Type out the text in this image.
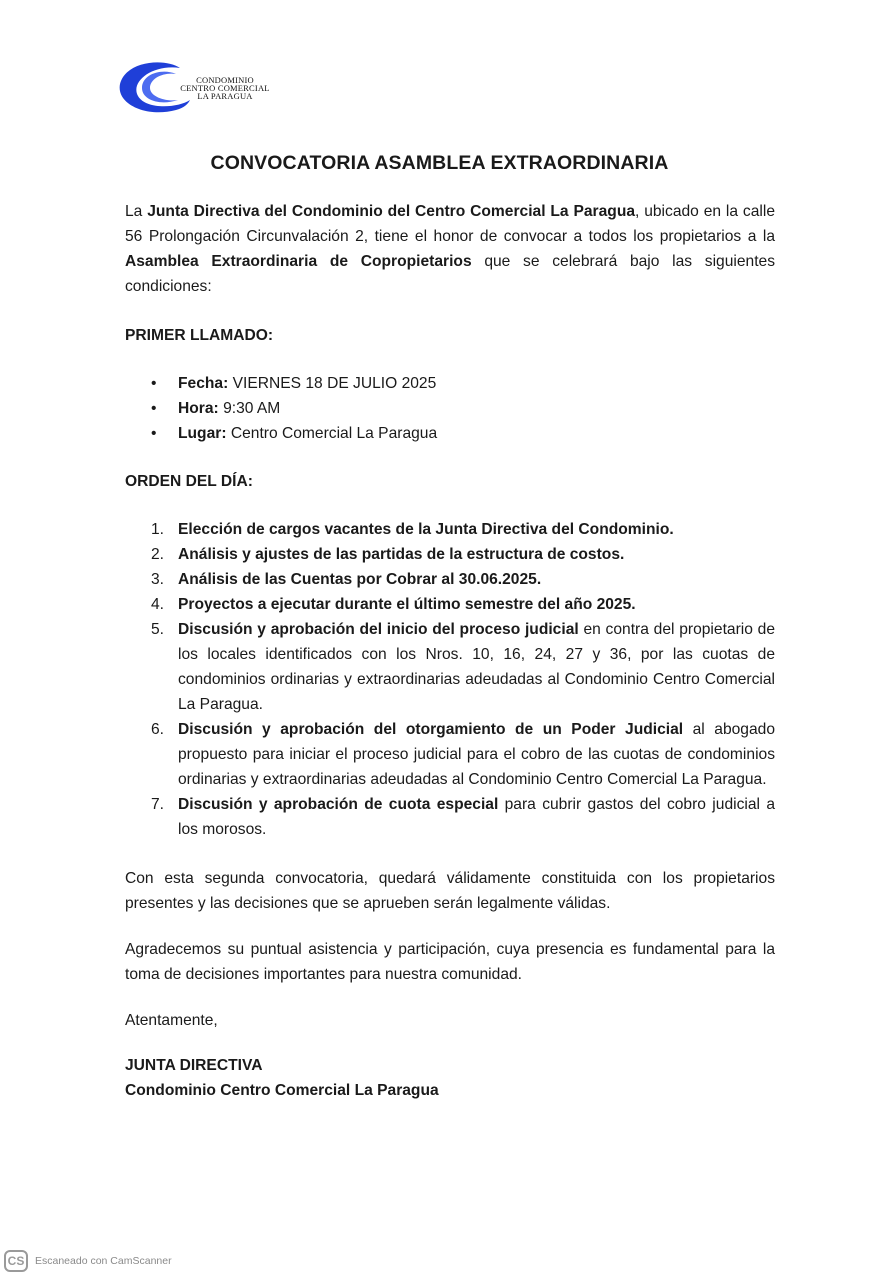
CONDOMINIO
CENTRO COMERCIAL
LA PARAGUA
CONVOCATORIA ASAMBLEA EXTRAORDINARIA
La Junta Directiva del Condominio del Centro Comercial La Paragua, ubicado en la calle 56 Prolongación Circunvalación 2, tiene el honor de convocar a todos los propietarios a la Asamblea Extraordinaria de Copropietarios que se celebrará bajo las siguientes condiciones:
PRIMER LLAMADO:
• Fecha: VIERNES 18 DE JULIO 2025
• Hora: 9:30 AM
• Lugar: Centro Comercial La Paragua
ORDEN DEL DÍA:
1. Elección de cargos vacantes de la Junta Directiva del Condominio.
2. Análisis y ajustes de las partidas de la estructura de costos.
3. Análisis de las Cuentas por Cobrar al 30.06.2025.
4. Proyectos a ejecutar durante el último semestre del año 2025.
5. Discusión y aprobación del inicio del proceso judicial en contra del propietario de los locales identificados con los Nros. 10, 16, 24, 27 y 36, por las cuotas de condominios ordinarias y extraordinarias adeudadas al Condominio Centro Comercial La Paragua.
6. Discusión y aprobación del otorgamiento de un Poder Judicial al abogado propuesto para iniciar el proceso judicial para el cobro de las cuotas de condominios ordinarias y extraordinarias adeudadas al Condominio Centro Comercial La Paragua.
7. Discusión y aprobación de cuota especial para cubrir gastos del cobro judicial a los morosos.
Con esta segunda convocatoria, quedará válidamente constituida con los propietarios presentes y las decisiones que se aprueben serán legalmente válidas.
Agradecemos su puntual asistencia y participación, cuya presencia es fundamental para la toma de decisiones importantes para nuestra comunidad.
Atentamente,
JUNTA DIRECTIVA
Condominio Centro Comercial La Paragua
CS	Escaneado con CamScanner
